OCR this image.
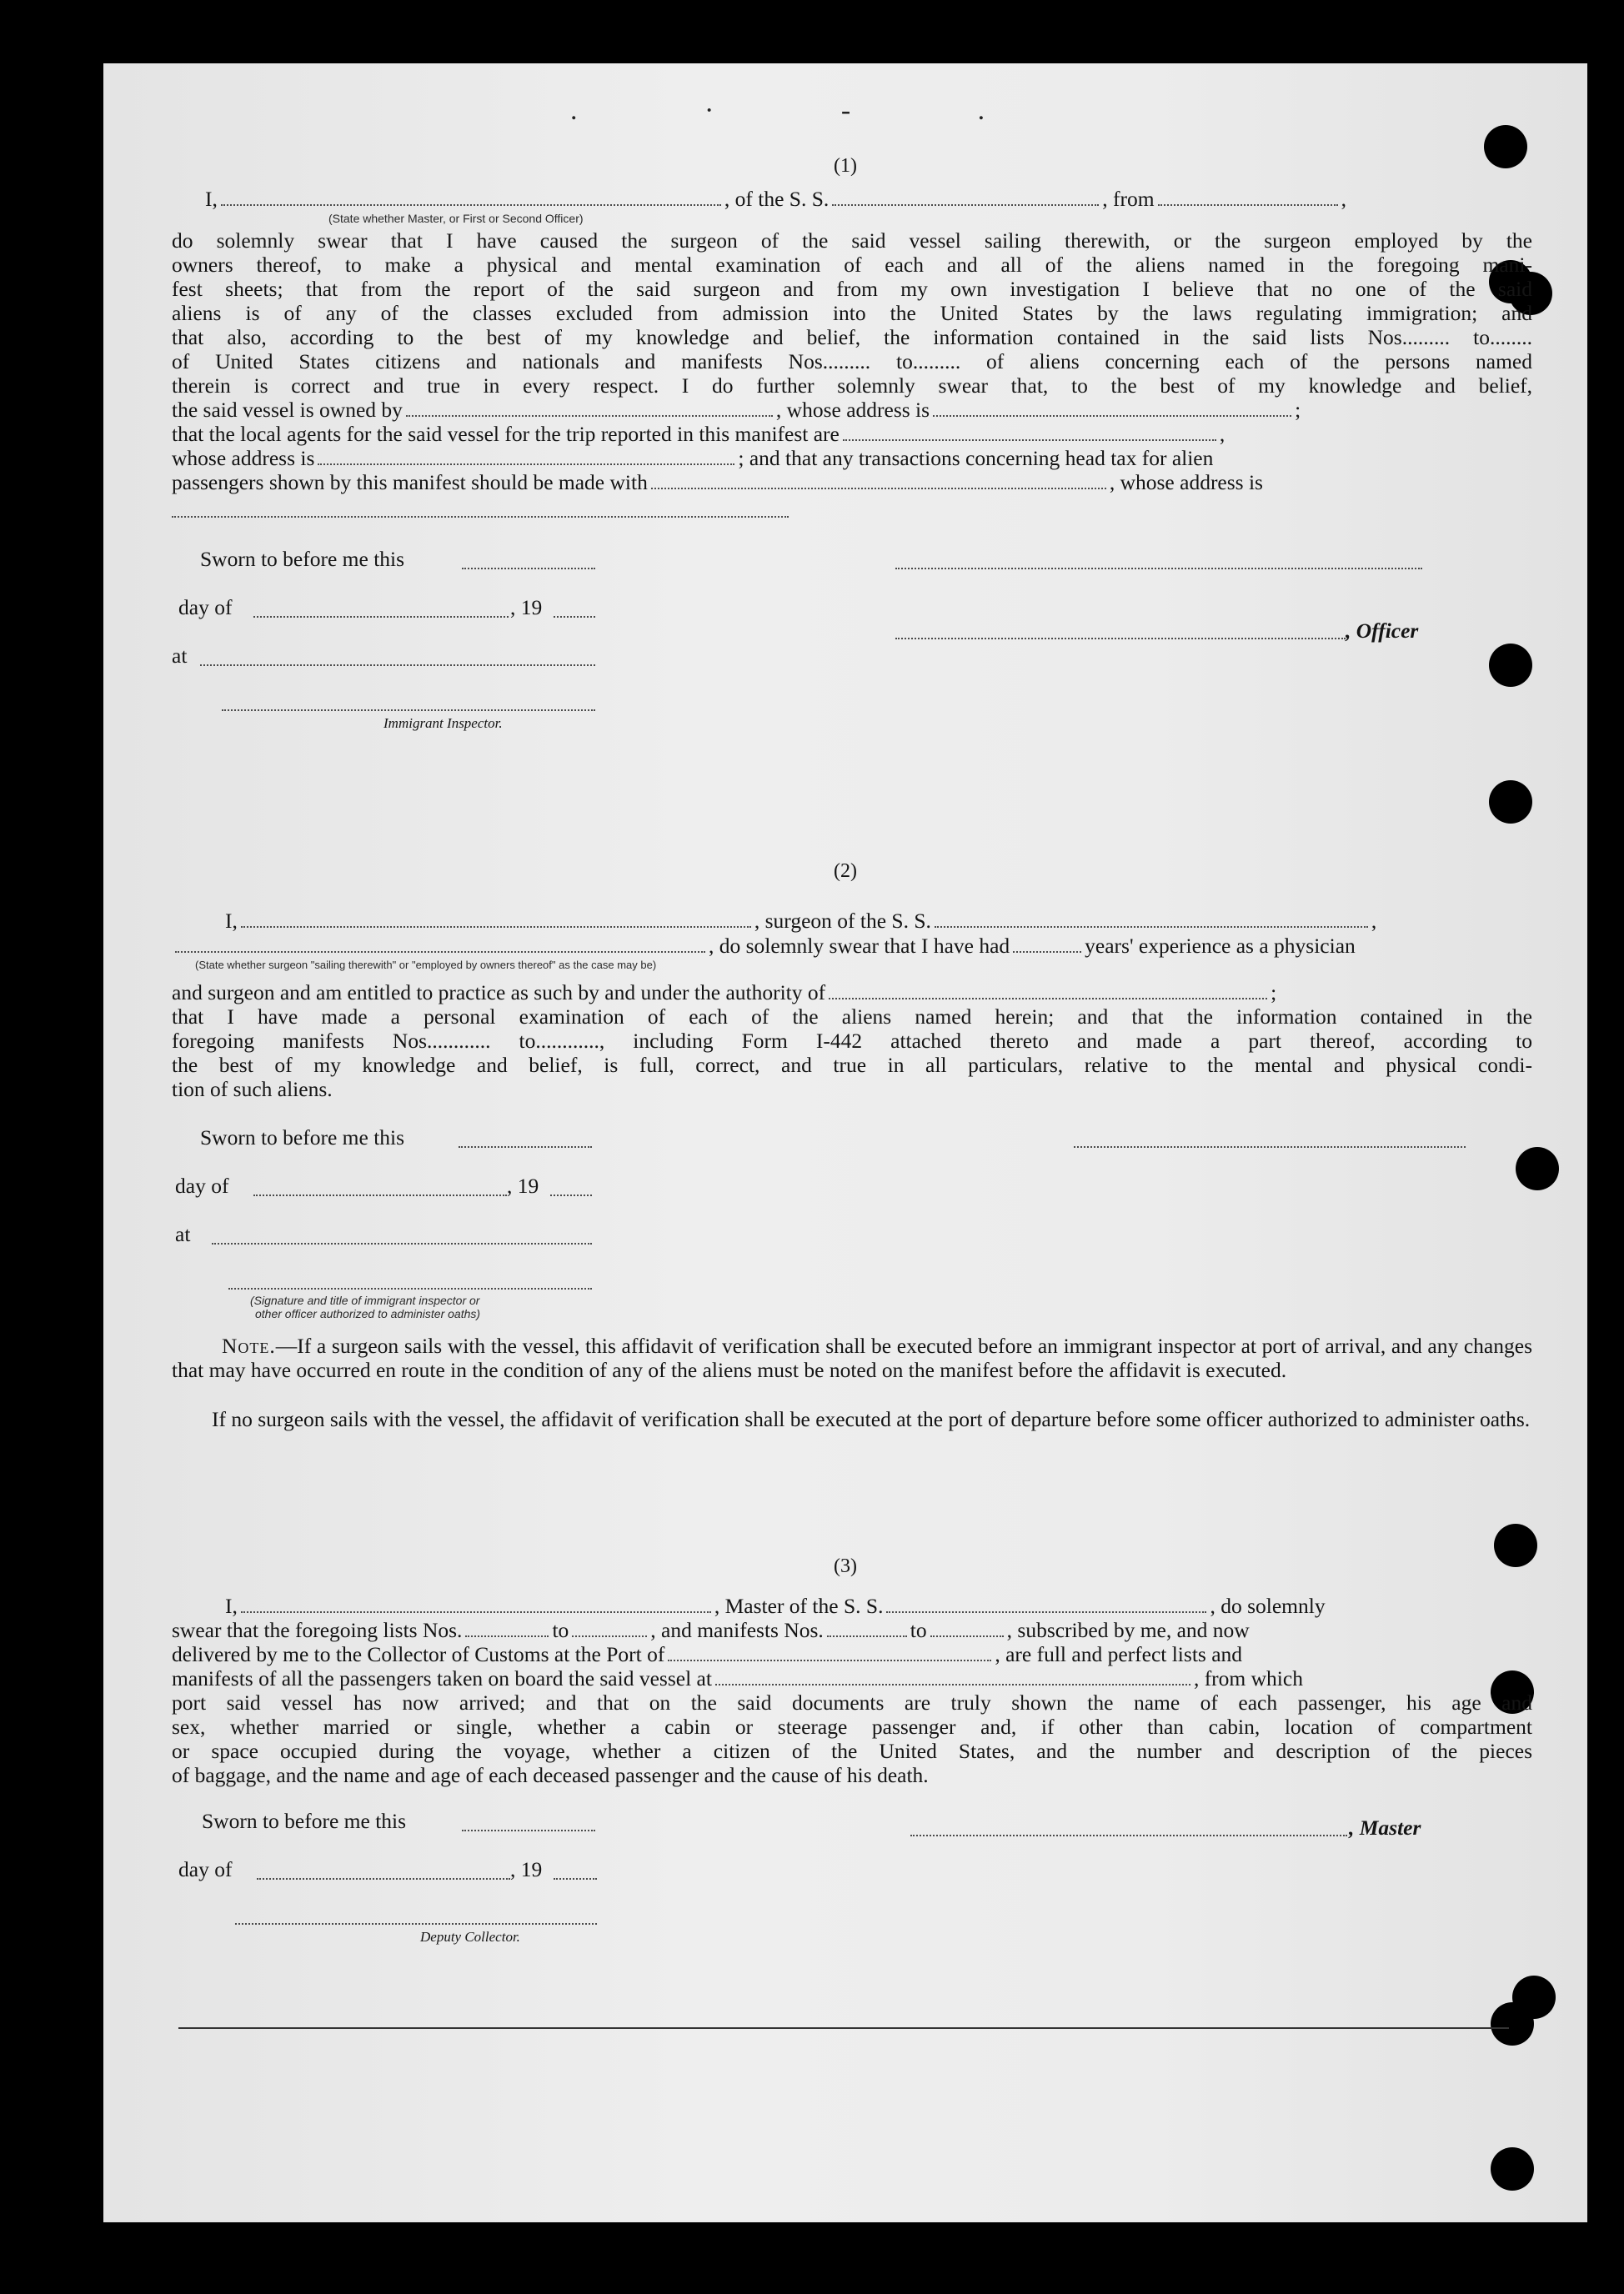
. · - .

(1)

I,	, of the S. S.	, from	,

(State whether Master, or First or Second Officer)

do solemnly swear that I have caused the surgeon of the said vessel sailing therewith, or the surgeon employed by the

owners thereof, to make a physical and mental examination of each and all of the aliens named in the foregoing mani-

fest sheets; that from the report of the said surgeon and from my own investigation I believe that no one of the said

aliens is of any of the classes excluded from admission into the United States by the laws regulating immigration; and

that also, according to the best of my knowledge and belief, the information contained in the said lists Nos......... to........

of United States citizens and nationals and manifests Nos......... to......... of aliens concerning each of the persons named

therein is correct and true in every respect. I do further solemnly swear that, to the best of my knowledge and belief,

the said vessel is owned by	, whose address is	;

that the local agents for the said vessel for the trip reported in this manifest are	,

whose address is	; and that any transactions concerning head tax for alien

passengers shown by this manifest should be made with	, whose address is

Sworn to before me this

day of	, 19

, Officer

at

Immigrant Inspector.

(2)

I,	, surgeon of the S. S.	,

, do solemnly swear that I have had	years' experience as a physician

(State whether surgeon "sailing therewith" or "employed by owners thereof" as the case may be)

and surgeon and am entitled to practice as such by and under the authority of	;

that I have made a personal examination of each of the aliens named herein; and that the information contained in the

foregoing manifests Nos............ to............, including Form I-442 attached thereto and made a part thereof, according to

the best of my knowledge and belief, is full, correct, and true in all particulars, relative to the mental and physical condi-

tion of such aliens.

Sworn to before me this

day of	, 19

at

(Signature and title of immigrant inspector or

other officer authorized to administer oaths)

Note.—If a surgeon sails with the vessel, this affidavit of verification shall be executed before an immigrant inspector at port of arrival, and any changes that may have occurred en route in the condition of any of the aliens must be noted on the manifest before the affidavit is executed.

If no surgeon sails with the vessel, the affidavit of verification shall be executed at the port of departure before some officer authorized to administer oaths.

(3)

I,	, Master of the S. S.	, do solemnly

swear that the foregoing lists Nos.	to	, and manifests Nos.	to	, subscribed by me, and now

delivered by me to the Collector of Customs at the Port of	, are full and perfect lists and

manifests of all the passengers taken on board the said vessel at	, from which

port said vessel has now arrived; and that on the said documents are truly shown the name of each passenger, his age and

sex, whether married or single, whether a cabin or steerage passenger and, if other than cabin, location of compartment

or space occupied during the voyage, whether a citizen of the United States, and the number and description of the pieces

of baggage, and the name and age of each deceased passenger and the cause of his death.

Sworn to before me this	, Master

day of	, 19

Deputy Collector.
